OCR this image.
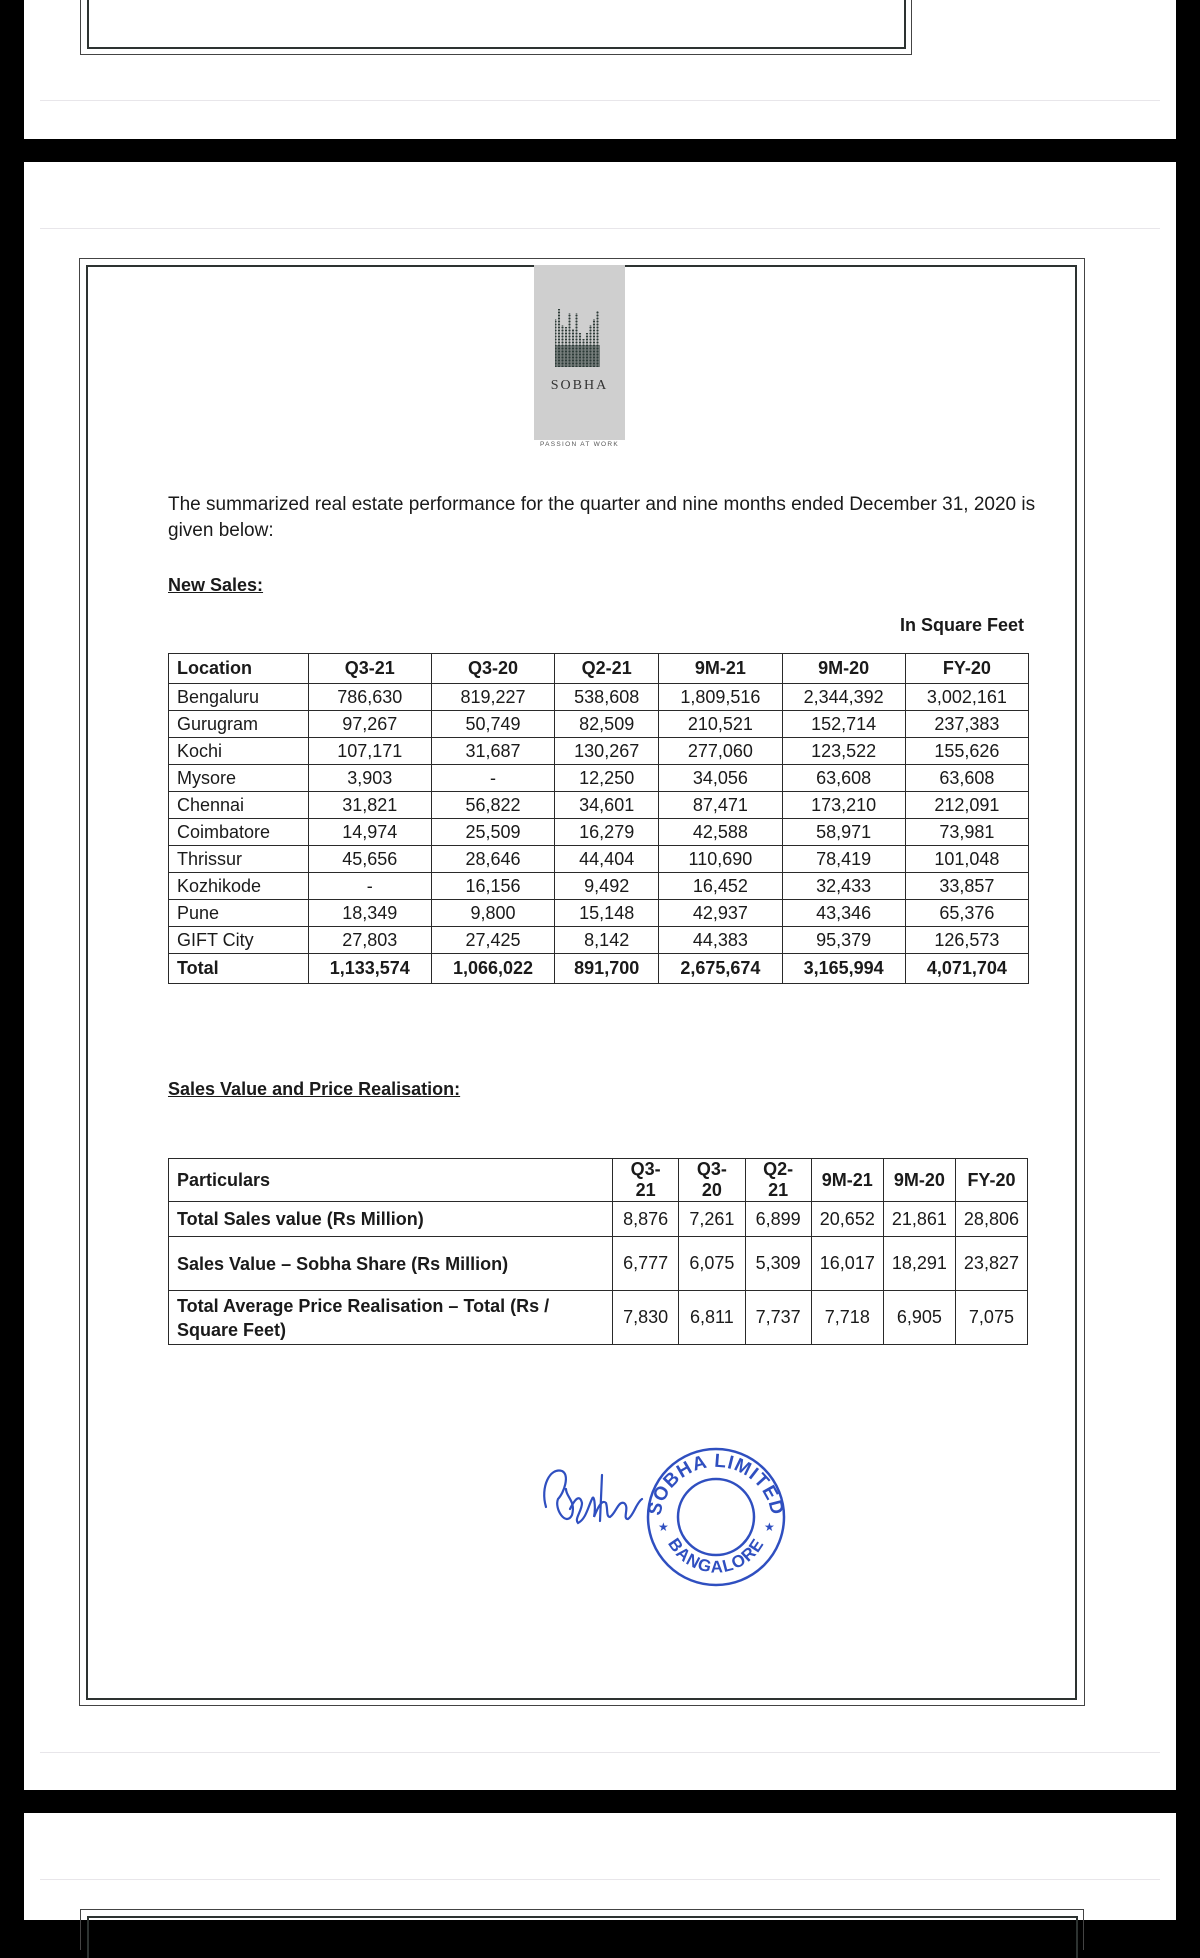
SOBHA
PASSION AT WORK
The summarized real estate performance for the quarter and nine months ended December 31, 2020 is given below:
New Sales:
In Square Feet
Location	Q3-21	Q3-20	Q2-21	9M-21	9M-20	FY-20
Bengaluru	786,630	819,227	538,608	1,809,516	2,344,392	3,002,161
Gurugram	97,267	50,749	82,509	210,521	152,714	237,383
Kochi	107,171	31,687	130,267	277,060	123,522	155,626
Mysore	3,903	-	12,250	34,056	63,608	63,608
Chennai	31,821	56,822	34,601	87,471	173,210	212,091
Coimbatore	14,974	25,509	16,279	42,588	58,971	73,981
Thrissur	45,656	28,646	44,404	110,690	78,419	101,048
Kozhikode	-	16,156	9,492	16,452	32,433	33,857
Pune	18,349	9,800	15,148	42,937	43,346	65,376
GIFT City	27,803	27,425	8,142	44,383	95,379	126,573
Total	1,133,574	1,066,022	891,700	2,675,674	3,165,994	4,071,704
Sales Value and Price Realisation:
Particulars	Q3-21	Q3-20	Q2-21	9M-21	9M-20	FY-20
Total Sales value (Rs Million)	8,876	7,261	6,899	20,652	21,861	28,806
Sales Value – Sobha Share (Rs Million)	6,777	6,075	5,309	16,017	18,291	23,827
Total Average Price Realisation – Total (Rs / Square Feet)	7,830	6,811	7,737	7,718	6,905	7,075
SOBHA LIMITED
BANGALORE
★	★
